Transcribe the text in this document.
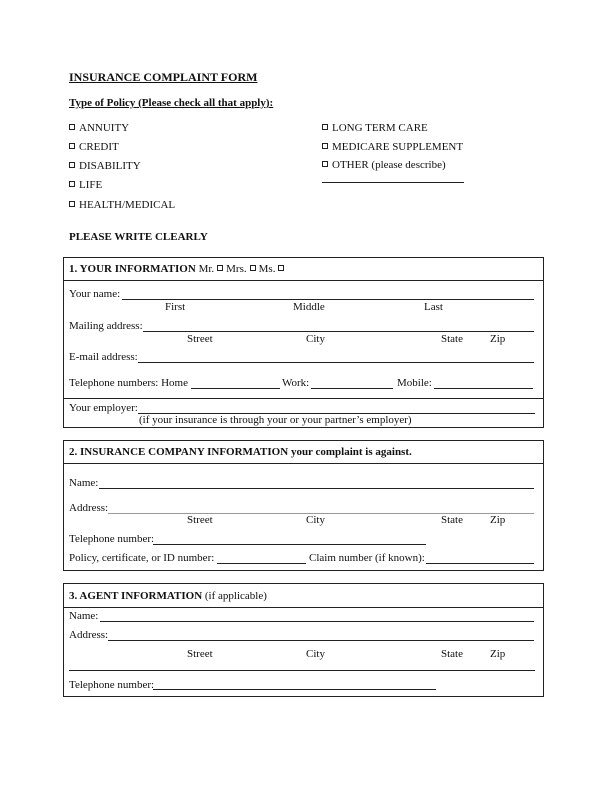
INSURANCE COMPLAINT FORM
Type of Policy (Please check all that apply):
ANNUITY
CREDIT
DISABILITY
LIFE
HEALTH/MEDICAL
LONG TERM CARE
MEDICARE SUPPLEMENT
OTHER (please describe)
PLEASE WRITE CLEARLY
1. YOUR INFORMATION Mr. Mrs. Ms.
Your name:
First	Middle	Last
Mailing address:
Street	City	State Zip
E-mail address:
Telephone numbers: Home	Work:	Mobile:
Your employer:
(if your insurance is through your or your partner’s employer)
2. INSURANCE COMPANY INFORMATION your complaint is against.
Name:
Address:
Street	City	State Zip
Telephone number:
Policy, certificate, or ID number:	Claim number (if known):
3. AGENT INFORMATION (if applicable)
Name:
Address:
Street	City	State Zip
Telephone number:
